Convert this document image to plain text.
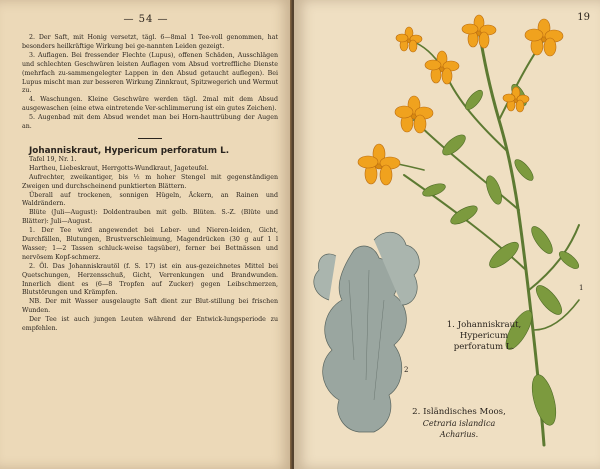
— 54 —

2. Der Saft, mit Honig versetzt, tägl. 6—8mal 1 Tee-voll genommen, hat besonders heilkräftige Wirkung bei ge-nannten Leiden gezeigt.

3. Auflagen. Bei fressender Flechte (Lupus), offenen Schäden, Ausschlägen und schlechten Geschwüren leisten Auflagen vom Absud vortreffliche Dienste (mehrfach zu-sammengelegter Lappen in den Absud getaucht auflegen). Bei Lupus mischt man zur besseren Wirkung Zinnkraut, Spitzwegerich und Wermut zu.

4. Waschungen. Kleine Geschwüre werden tägl. 2mal mit dem Absud ausgewaschen (eine etwa eintretende Ver-schlimmerung ist ein gutes Zeichen).

5. Augenbad mit dem Absud wendet man bei Horn-hauttrübung der Augen an.

Johanniskraut, Hypericum perforatum L.

Tafel 19, Nr. 1.

Hartheu, Liebeskraut, Herrgotts-Wundkraut, Jageteufel.

Aufrechter, zweikantiger, bis ½ m hoher Stengel mit gegenständigen Zweigen und durchscheinend punktierten Blättern.

Überall auf trockenen, sonnigen Hügeln, Äckern, an Rainen und Waldrändern.

Blüte (Juli—August): Doldentrauben mit gelb. Blüten. S.-Z. (Blüte und Blätter): Juli—August.

1. Der Tee wird angewendet bei Leber- und Nieren-leiden, Gicht, Durchfällen, Blutungen, Brustverschleimung, Magendrücken (30 g auf 1 l Wasser; 1—2 Tassen schluck-weise tagsüber), ferner bei Bettnässen und nervösem Kopf-schmerz.

2. Öl. Das Johanniskrautöl (f. S. 17) ist ein aus-gezeichnetes Mittel bei Quetschungen, Herzensschuß, Gicht, Verrenkungen und Brandwunden. Innerlich dient es (6—8 Tropfen auf Zucker) gegen Leibschmerzen, Blutstörungen und Krämpfen.

NB. Der mit Wasser ausgelaugte Saft dient zur Blut-stillung bei frischen Wunden.

Der Tee ist auch jungen Leuten während der Entwick-lungsperiode zu empfehlen.

19
1
2
1. Johanniskraut,
Hypericum
perforatum L.
2. Isländisches Moos,
Cetraria islandica
Acharius.
